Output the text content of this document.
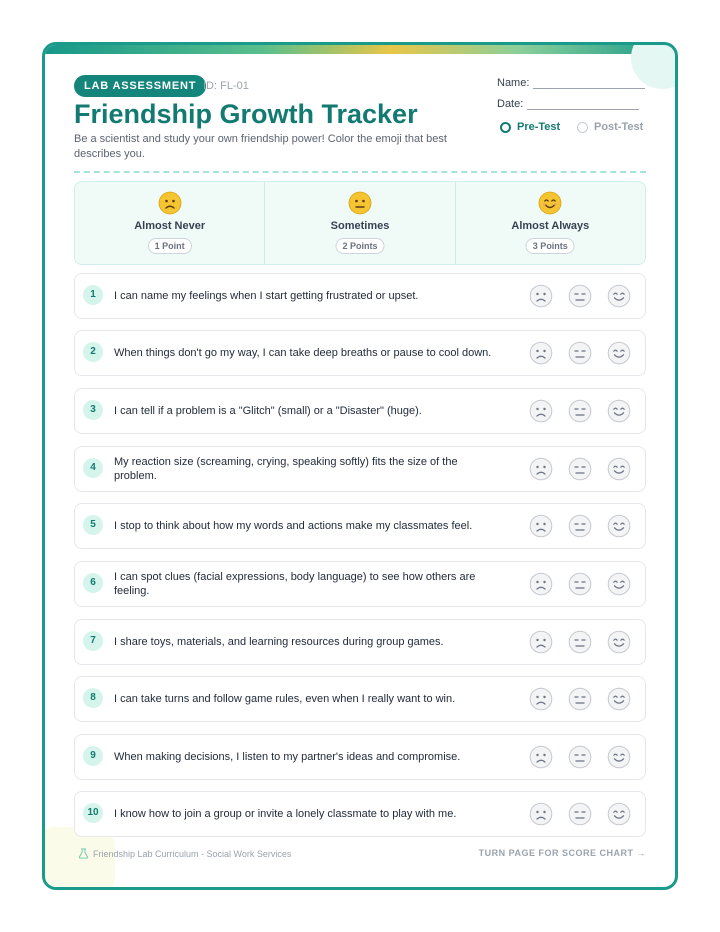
LAB ASSESSMENT ID: FL-01
Friendship Growth Tracker
Be a scientist and study your own friendship power! Color the emoji that best describes you.
Name:
Date:
Pre-Test	Post-Test
Almost Never
1 Point
Sometimes
2 Points
Almost Always
3 Points
1	I can name my feelings when I start getting frustrated or upset.
2	When things don't go my way, I can take deep breaths or pause to cool down.
3	I can tell if a problem is a "Glitch" (small) or a "Disaster" (huge).
4	My reaction size (screaming, crying, speaking softly) fits the size of the problem.
5	I stop to think about how my words and actions make my classmates feel.
6	I can spot clues (facial expressions, body language) to see how others are feeling.
7	I share toys, materials, and learning resources during group games.
8	I can take turns and follow game rules, even when I really want to win.
9	When making decisions, I listen to my partner's ideas and compromise.
10	I know how to join a group or invite a lonely classmate to play with me.
Friendship Lab Curriculum - Social Work Services	TURN PAGE FOR SCORE CHART →
